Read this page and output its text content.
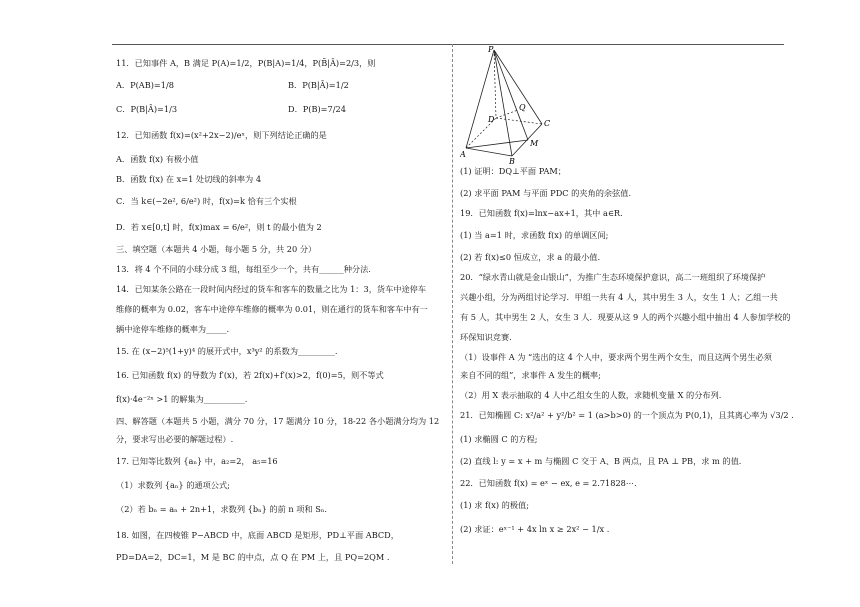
11．已知事件 A，B 满足 P(A)=1/2，P(B|A)=1/4，P(B̄|Ā)=2/3，则
A．P(AB)=1/8	B．P(B|Ā)=1/2
C．P(B|Ā)=1/3	D．P(B)=7/24
12．已知函数 f(x)=(x²+2x−2)/eˣ，则下列结论正确的是
A．函数 f(x) 有极小值
B．函数 f(x) 在 x=1 处切线的斜率为 4
C．当 k∈(−2e², 6/e²) 时，f(x)=k 恰有三个实根
D．若 x∈[0,t] 时，f(x)max = 6/e²，则 t 的最小值为 2
三、填空题（本题共 4 小题，每小题 5 分，共 20 分）
13．将 4 个不同的小球分成 3 组，每组至少一个，共有______种分法.
14．已知某条公路在一段时间内经过的货车和客车的数量之比为 1：3，货车中途停车
维修的概率为 0.02，客车中途停车维修的概率为 0.01，则在通行的货车和客车中有一
辆中途停车维修的概率为_____.
15. 在 (x−2)⁵(1+y)⁴ 的展开式中，x³y² 的系数为_________.
16. 已知函数 f(x) 的导数为 f′(x)，若 2f(x)+f′(x)>2，f(0)=5，则不等式
f(x)·4e⁻²ˣ >1 的解集为__________.
四、解答题（本题共 5 小题，满分 70 分，17 题满分 10 分，18-22 各小题满分均为 12
分，要求写出必要的解题过程）.
17. 已知等比数列 {aₙ} 中，a₂=2， a₅=16
（1）求数列 {aₙ} 的通项公式;
（2）若 bₙ = aₙ + 2n+1，求数列 {bₙ} 的前 n 项和 Sₙ.
18. 如图，在四棱锥 P−ABCD 中，底面 ABCD 是矩形，PD⊥平面 ABCD，
PD=DA=2，DC=1，M 是 BC 的中点，点 Q 在 PM 上，且 PQ=2QM .
P
A
B
C
D
M
Q
(1) 证明：DQ⊥平面 PAM；
(2) 求平面 PAM 与平面 PDC 的夹角的余弦值.
19．已知函数 f(x)=lnx−ax+1，其中 a∈R.
(1) 当 a=1 时，求函数 f(x) 的单调区间;
(2) 若 f(x)≤0 恒成立，求 a 的最小值.
20．“绿水青山就是金山银山”，为推广生态环境保护意识，高二一班组织了环境保护
兴趣小组，分为两组讨论学习．甲组一共有 4 人，其中男生 3 人，女生 1 人；乙组一共
有 5 人，其中男生 2 人，女生 3 人．现要从这 9 人的两个兴趣小组中抽出 4 人参加学校的
环保知识竞赛.
（1）设事件 A 为 “选出的这 4 个人中，要求两个男生两个女生，而且这两个男生必须
来自不同的组”，求事件 A 发生的概率;
（2）用 X 表示抽取的 4 人中乙组女生的人数，求随机变量 X 的分布列.
21．已知椭圆 C: x²/a² + y²/b² = 1 (a>b>0) 的一个顶点为 P(0,1)，且其离心率为 √3/2 .
(1) 求椭圆 C 的方程;
(2) 直线 l: y = x + m 与椭圆 C 交于 A、B 两点，且 PA ⊥ PB，求 m 的值.
22．已知函数 f(x) = eˣ − ex, e = 2.71828⋯.
(1) 求 f(x) 的极值;
(2) 求证：eˣ⁻¹ + 4x ln x ≥ 2x² − 1/x .
